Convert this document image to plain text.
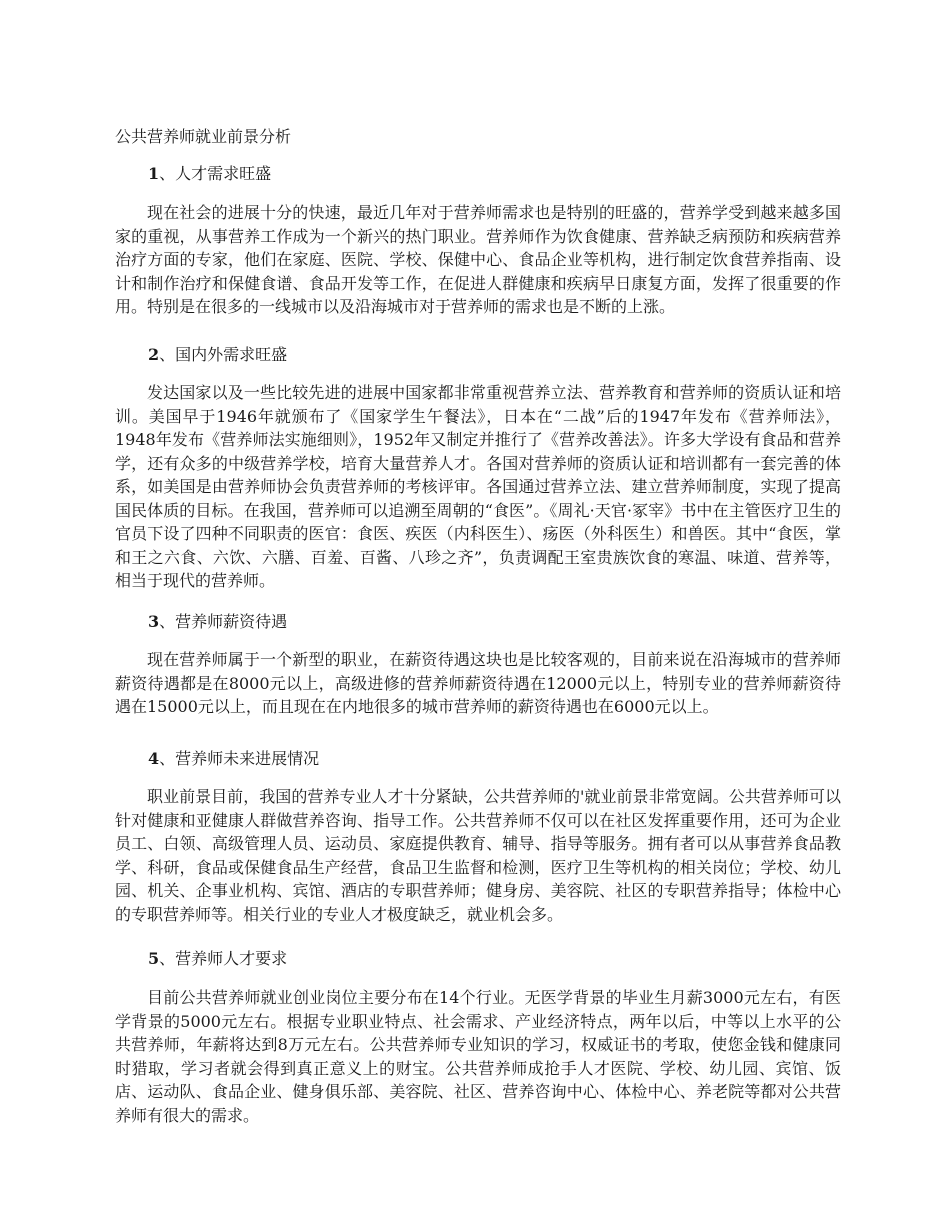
公共营养师就业前景分析
1、人才需求旺盛

现在社会的进展十分的快速，最近几年对于营养师需求也是特别的旺盛的，营养学受到越来越多国家的重视，从事营养工作成为一个新兴的热门职业。营养师作为饮食健康、营养缺乏病预防和疾病营养治疗方面的专家，他们在家庭、医院、学校、保健中心、食品企业等机构，进行制定饮食营养指南、设计和制作治疗和保健食谱、食品开发等工作，在促进人群健康和疾病早日康复方面，发挥了很重要的作用。特别是在很多的一线城市以及沿海城市对于营养师的需求也是不断的上涨。

2、国内外需求旺盛

发达国家以及一些比较先进的进展中国家都非常重视营养立法、营养教育和营养师的资质认证和培训。美国早于1946年就颁布了《国家学生午餐法》，日本在“二战”后的1947年发布《营养师法》，1948年发布《营养师法实施细则》，1952年又制定并推行了《营养改善法》。许多大学设有食品和营养学，还有众多的中级营养学校，培育大量营养人才。各国对营养师的资质认证和培训都有一套完善的体系，如美国是由营养师协会负责营养师的考核评审。各国通过营养立法、建立营养师制度，实现了提高国民体质的目标。在我国，营养师可以追溯至周朝的“食医”。《周礼·天官·冢宰》书中在主管医疗卫生的官员下设了四种不同职责的医官：食医、疾医（内科医生）、疡医（外科医生）和兽医。其中“食医，掌和王之六食、六饮、六膳、百羞、百酱、八珍之齐”，负责调配王室贵族饮食的寒温、味道、营养等，相当于现代的营养师。

3、营养师薪资待遇

现在营养师属于一个新型的职业，在薪资待遇这块也是比较客观的，目前来说在沿海城市的营养师薪资待遇都是在8000元以上，高级进修的营养师薪资待遇在12000元以上，特别专业的营养师薪资待遇在15000元以上，而且现在在内地很多的城市营养师的薪资待遇也在6000元以上。

4、营养师未来进展情况

职业前景目前，我国的营养专业人才十分紧缺，公共营养师的'就业前景非常宽阔。公共营养师可以针对健康和亚健康人群做营养咨询、指导工作。公共营养师不仅可以在社区发挥重要作用，还可为企业员工、白领、高级管理人员、运动员、家庭提供教育、辅导、指导等服务。拥有者可以从事营养食品教学、科研，食品或保健食品生产经营，食品卫生监督和检测，医疗卫生等机构的相关岗位；学校、幼儿园、机关、企事业机构、宾馆、酒店的专职营养师；健身房、美容院、社区的专职营养指导；体检中心的专职营养师等。相关行业的专业人才极度缺乏，就业机会多。

5、营养师人才要求

目前公共营养师就业创业岗位主要分布在14个行业。无医学背景的毕业生月薪3000元左右，有医学背景的5000元左右。根据专业职业特点、社会需求、产业经济特点，两年以后，中等以上水平的公共营养师，年薪将达到8万元左右。公共营养师专业知识的学习，权威证书的考取，使您金钱和健康同时猎取，学习者就会得到真正意义上的财宝。公共营养师成抢手人才医院、学校、幼儿园、宾馆、饭店、运动队、食品企业、健身俱乐部、美容院、社区、营养咨询中心、体检中心、养老院等都对公共营养师有很大的需求。
